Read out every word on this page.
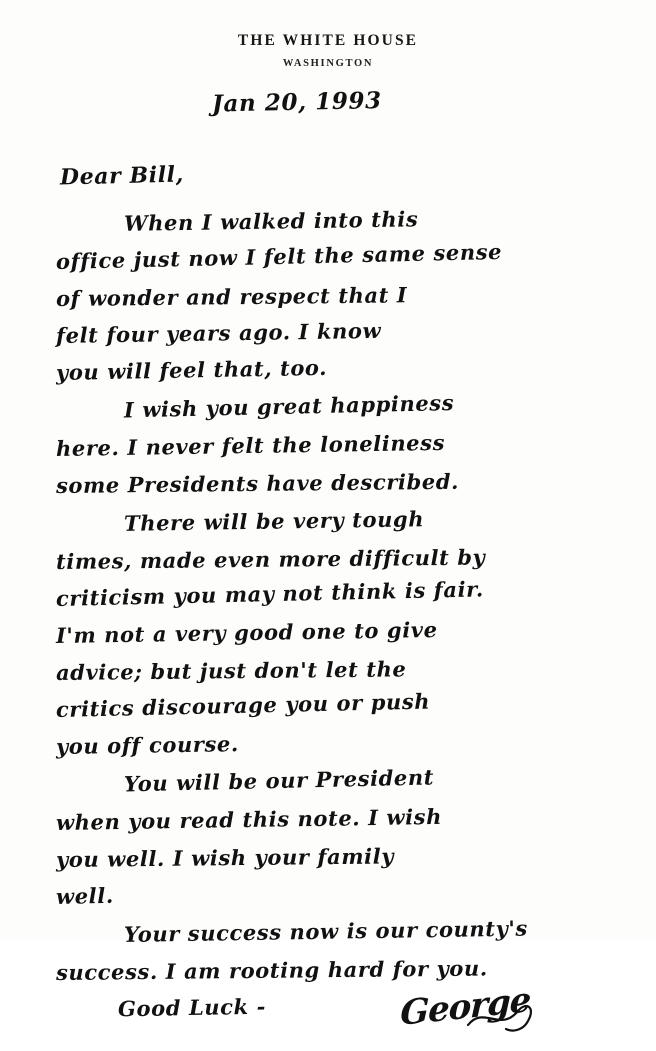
THE WHITE HOUSE
WASHINGTON
Jan 20, 1993
Dear Bill,
When I walked into this
office just now I felt the same sense
of wonder and respect that I
felt four years ago. I know
you will feel that, too.
I wish you great happiness
here. I never felt the loneliness
some Presidents have described.
There will be very tough
times, made even more difficult by
criticism you may not think is fair.
I'm not a very good one to give
advice; but just don't let the
critics discourage you or push
you off course.
You will be our President
when you read this note. I wish
you well. I wish your family
well.
Your success now is our county's
success. I am rooting hard for you.
Good Luck -	George
